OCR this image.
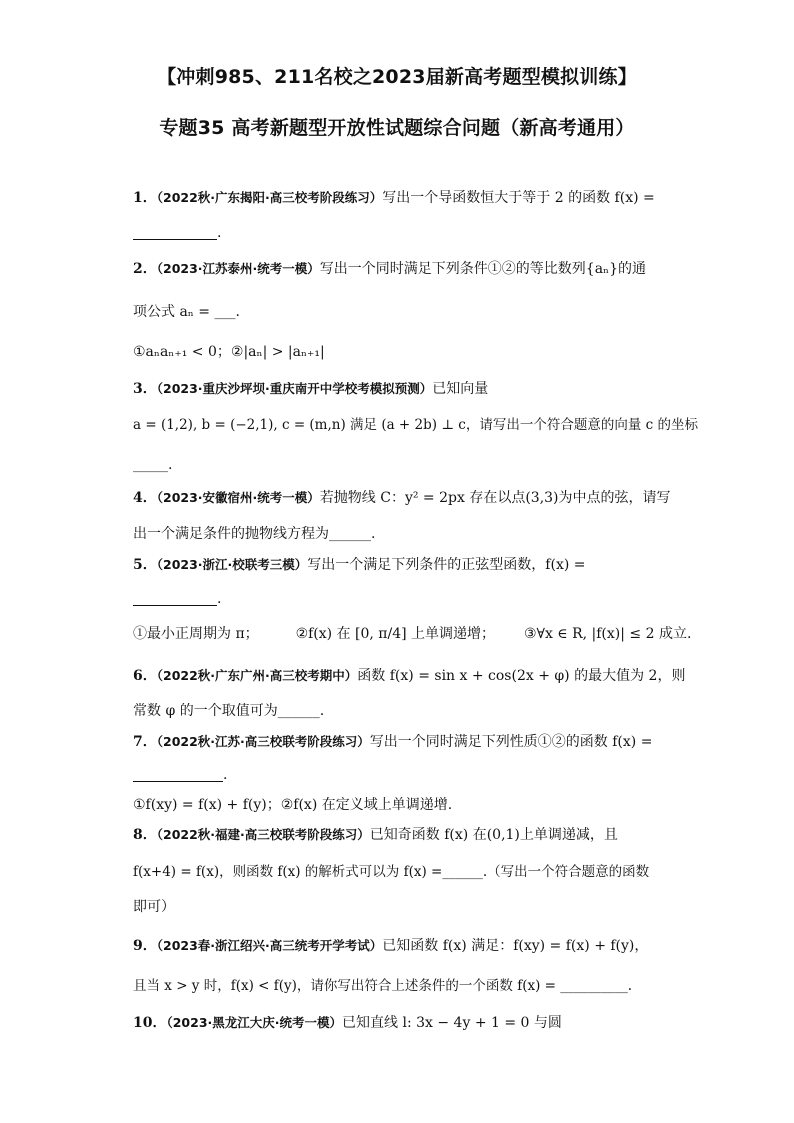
【冲刺985、211名校之2023届新高考题型模拟训练】
专题35 高考新题型开放性试题综合问题（新高考通用）
1．（2022秋·广东揭阳·高三校考阶段练习）写出一个导函数恒大于等于 2 的函数 f(x) =
.
2．（2023·江苏泰州·统考一模）写出一个同时满足下列条件①②的等比数列{aₙ}的通
项公式 aₙ = ___.
①aₙaₙ₊₁ < 0；②|aₙ| > |aₙ₊₁|
3．（2023·重庆沙坪坝·重庆南开中学校考模拟预测）已知向量
a = (1,2), b = (−2,1), c = (m,n) 满足 (a + 2b) ⊥ c，请写出一个符合题意的向量 c 的坐标
_____.
4．（2023·安徽宿州·统考一模）若抛物线 C：y² = 2px 存在以点(3,3)为中点的弦，请写
出一个满足条件的抛物线方程为______.
5．（2023·浙江·校联考三模）写出一个满足下列条件的正弦型函数，f(x) =
.
①最小正周期为 π；	②f(x) 在 [0, π/4] 上单调递增； ③∀x ∈ R, |f(x)| ≤ 2 成立.
6．（2022秋·广东广州·高三校考期中）函数 f(x) = sin x + cos(2x + φ) 的最大值为 2，则
常数 φ 的一个取值可为______.
7．（2022秋·江苏·高三校联考阶段练习）写出一个同时满足下列性质①②的函数 f(x) =
.
①f(xy) = f(x) + f(y)；②f(x) 在定义域上单调递增.
8．（2022秋·福建·高三校联考阶段练习）已知奇函数 f(x) 在(0,1)上单调递减，且
f(x+4) = f(x)，则函数 f(x) 的解析式可以为 f(x) =______.（写出一个符合题意的函数
即可）
9．（2023春·浙江绍兴·高三统考开学考试）已知函数 f(x) 满足：f(xy) = f(x) + f(y)，
且当 x > y 时，f(x) < f(y)，请你写出符合上述条件的一个函数 f(x) = __________.
10．（2023·黑龙江大庆·统考一模）已知直线 l: 3x − 4y + 1 = 0 与圆
